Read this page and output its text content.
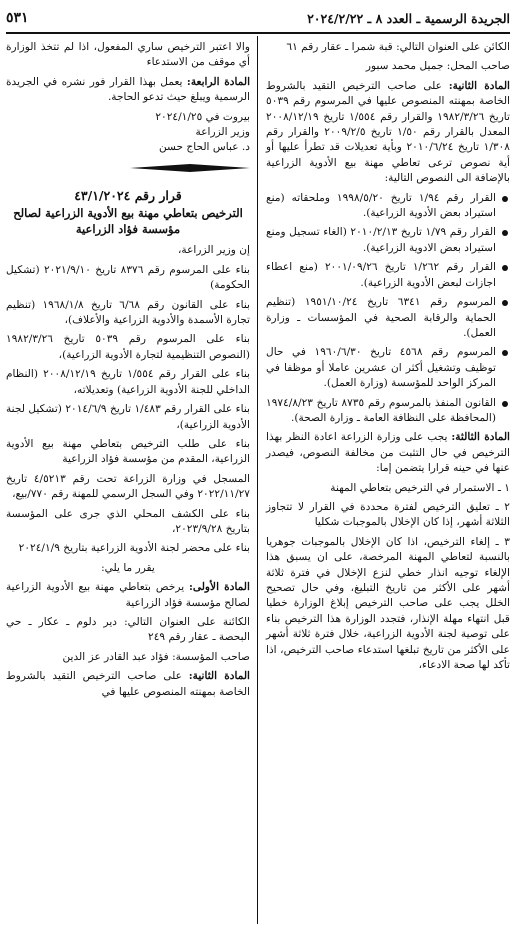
الجريدة الرسمية ـ العدد ٨ ـ ٢٠٢٤/٢/٢٢
٥٣١

الكائن على العنوان التالي: قبة شمرا ـ عقار رقم ٦١

صاحب المحل: جميل محمد سبور

المادة الثانية: على صاحب الترخيص التقيد بالشروط الخاصة بمهنته المنصوص عليها في المرسوم رقم ٥٠٣٩ تاريخ ١٩٨٢/٣/٢٦ والقرار رقم ١/٥٥٤ تاريخ ٢٠٠٨/١٢/١٩ المعدل بالقرار رقم ١/٥٠ تاريخ ٢٠٠٩/٢/٥ والقرار رقم ١/٣٠٨ تاريخ ٢٠١٠/٦/٢٤ وبأية تعديلات قد تطرأ عليها أو أية نصوص ترعى تعاطي مهنة بيع الأدوية الزراعية بالإضافة الى النصوص التالية:

القرار رقم ١/٩٤ تاريخ ١٩٩٨/٥/٢٠ وملحقاته (منع استيراد بعض الأدوية الزراعية).
القرار رقم ١/٧٩ تاريخ ٢٠١٠/٢/١٣ (الغاء تسجيل ومنع استيراد بعض الادوية الزراعية).
القرار رقم ١/٢٦٢ تاريخ ٢٠٠١/٠٩/٢٦ (منع اعطاء اجازات لبعض الأدوية الزراعية).
المرسوم رقم ٦٣٤١ تاريخ ١٩٥١/١٠/٢٤ (تنظيم الحماية والرقابة الصحية في المؤسسات ـ وزارة العمل).
المرسوم رقم ٤٥٦٨ تاريخ ١٩٦٠/٦/٣٠ في حال توظيف وتشغيل أكثر ان عشرين عاملا أو موظفا في المركز الواحد للمؤسسة (وزارة العمل).
القانون المنفذ بالمرسوم رقم ٨٧٣٥ تاريخ ١٩٧٤/٨/٢٣ (المحافظة على النظافة العامة ـ وزارة الصحة).

المادة الثالثة: يجب على وزارة الزراعة اعادة النظر بهذا الترخيص في حال التثبت من مخالفة النصوص، فيصدر عنها في حينه قرارا يتضمن إما:

١ ـ الاستمرار في الترخيص بتعاطي المهنة

٢ ـ تعليق الترخيص لفترة محددة في القرار لا تتجاوز الثلاثة أشهر، إذا كان الإخلال بالموجبات شكليا

٣ ـ إلغاء الترخيص، اذا كان الإخلال بالموجبات جوهريا بالنسبة لتعاطي المهنة المرخصة، على ان يسبق هذا الإلغاء توجيه انذار خطي لنزع الإخلال في فترة ثلاثة أشهر على الأكثر من تاريخ التبليغ، وفي حال تصحيح الخلل يجب على صاحب الترخيص إبلاغ الوزارة خطيا قبل انتهاء مهلة الإنذار، فتجدد الوزارة هذا الترخيص بناء على توصية لجنة الأدوية الزراعية، خلال فترة ثلاثة أشهر على الأكثر من تاريخ تبلغها استدعاء صاحب الترخيص، اذا تأكد لها صحة الادعاء،

والا اعتبر الترخيص ساري المفعول، اذا لم تتخذ الوزارة أي موقف من الاستدعاء

المادة الرابعة: يعمل بهذا القرار فور نشره في الجريدة الرسمية ويبلغ حيث تدعو الحاجة.

بيروت في ٢٠٢٤/١/٢٥
وزير الزراعة
د. عباس الحاج حسن
قرار رقم ٤٣/١/٢٠٢٤
الترخيص بتعاطي مهنة بيع الأدوية الزراعية لصالح مؤسسة فؤاد الزراعية

إن وزير الزراعة،

بناء على المرسوم رقم ٨٣٧٦ تاريخ ٢٠٢١/٩/١٠ (تشكيل الحكومة)

بناء على القانون رقم ٦/٦٨ تاريخ ١٩٦٨/١/٨ (تنظيم تجارة الأسمدة والأدوية الزراعية والأعلاف)،

بناء على المرسوم رقم ٥٠٣٩ تاريخ ١٩٨٢/٣/٢٦ (النصوص التنظيمية لتجارة الأدوية الزراعية)،

بناء على القرار رقم ١/٥٥٤ تاريخ ٢٠٠٨/١٢/١٩ (النظام الداخلي للجنة الأدوية الزراعية) وتعديلاته،

بناء على القرار رقم ١/٤٨٣ تاريخ ٢٠١٤/٦/٩ (تشكيل لجنة الأدوية الزراعية)،

بناء على طلب الترخيص بتعاطي مهنة بيع الأدوية الزراعية، المقدم من مؤسسة فؤاد الزراعية

المسجل في وزارة الزراعة تحت رقم ٤/٥٢١٣ تاريخ ٢٠٢٢/١١/٢٧ وفي السجل الرسمي للمهنة رقم ٧٧٠/بيع،

بناء على الكشف المحلي الذي جرى على المؤسسة بتاريخ ٢٠٢٣/٩/٢٨،

بناء على محضر لجنة الأدوية الزراعية بتاريخ ٢٠٢٤/١/٩

يقرر ما يلي:

المادة الأولى: يرخص بتعاطي مهنة بيع الأدوية الزراعية لصالح مؤسسة فؤاد الزراعية

الكائنة على العنوان التالي: دير دلوم ـ عكار ـ حي البحصة ـ عقار رقم ٢٤٩

صاحب المؤسسة: فؤاد عبد القادر عز الدين

المادة الثانية: على صاحب الترخيص التقيد بالشروط الخاصة بمهنته المنصوص عليها في
